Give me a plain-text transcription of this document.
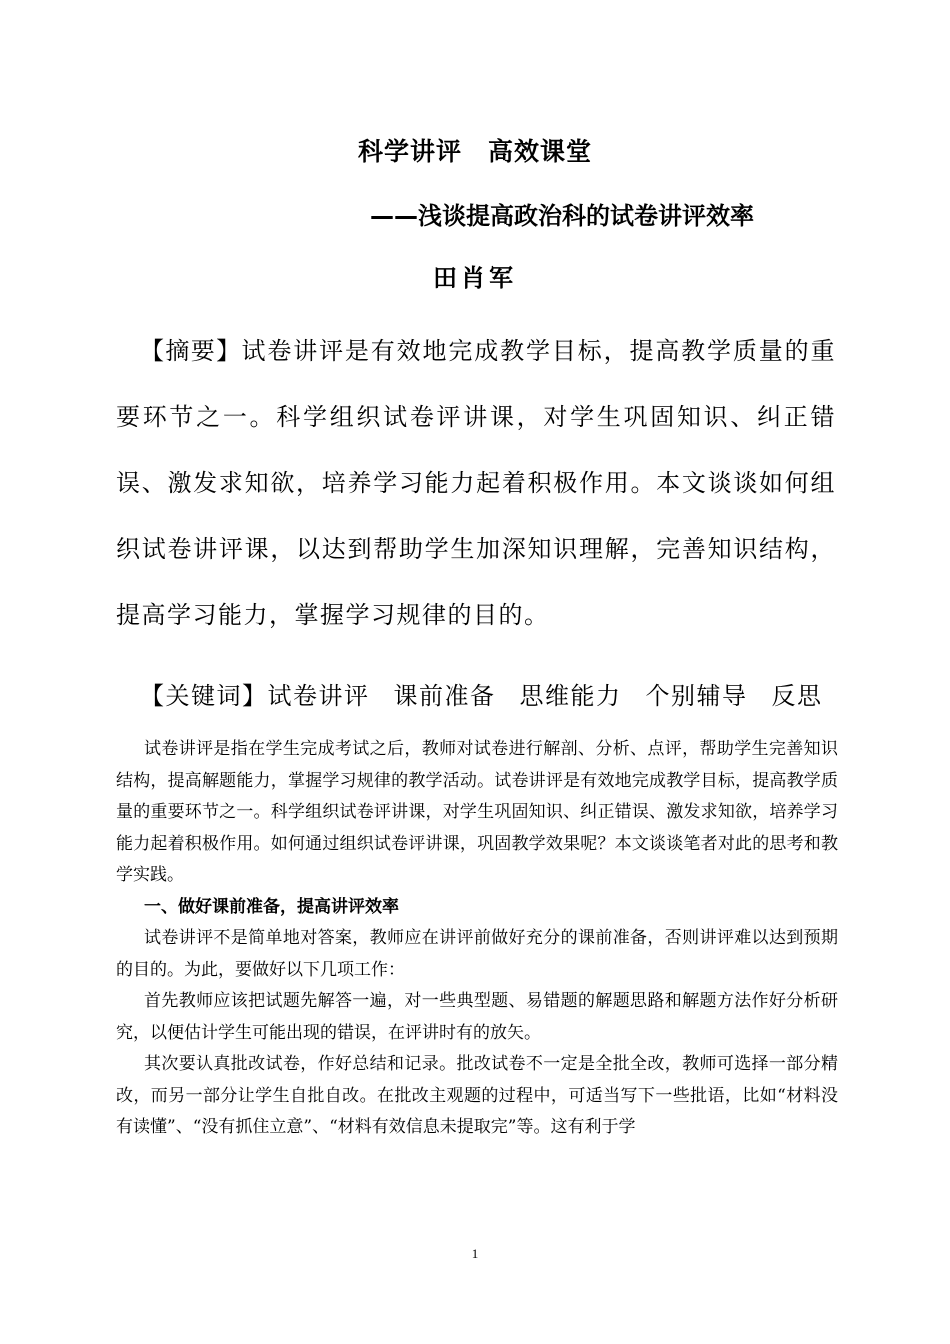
科学讲评　高效课堂
——浅谈提高政治科的试卷讲评效率
田肖军

【摘要】试卷讲评是有效地完成教学目标，提高教学质量的重要环节之一。科学组织试卷评讲课，对学生巩固知识、纠正错误、激发求知欲，培养学习能力起着积极作用。本文谈谈如何组织试卷讲评课，以达到帮助学生加深知识理解，完善知识结构，提高学习能力，掌握学习规律的目的。

【关键词】试卷讲评 课前准备 思维能力 个别辅导 反思

试卷讲评是指在学生完成考试之后，教师对试卷进行解剖、分析、点评，帮助学生完善知识结构，提高解题能力，掌握学习规律的教学活动。试卷讲评是有效地完成教学目标，提高教学质量的重要环节之一。科学组织试卷评讲课，对学生巩固知识、纠正错误、激发求知欲，培养学习能力起着积极作用。如何通过组织试卷评讲课，巩固教学效果呢？本文谈谈笔者对此的思考和教学实践。

一、做好课前准备，提高讲评效率

试卷讲评不是简单地对答案，教师应在讲评前做好充分的课前准备，否则讲评难以达到预期的目的。为此，要做好以下几项工作：

首先教师应该把试题先解答一遍，对一些典型题、易错题的解题思路和解题方法作好分析研究，以便估计学生可能出现的错误，在评讲时有的放矢。

其次要认真批改试卷，作好总结和记录。批改试卷不一定是全批全改，教师可选择一部分精改，而另一部分让学生自批自改。在批改主观题的过程中，可适当写下一些批语，比如“材料没有读懂”、“没有抓住立意”、“材料有效信息未提取完”等。这有利于学

1
